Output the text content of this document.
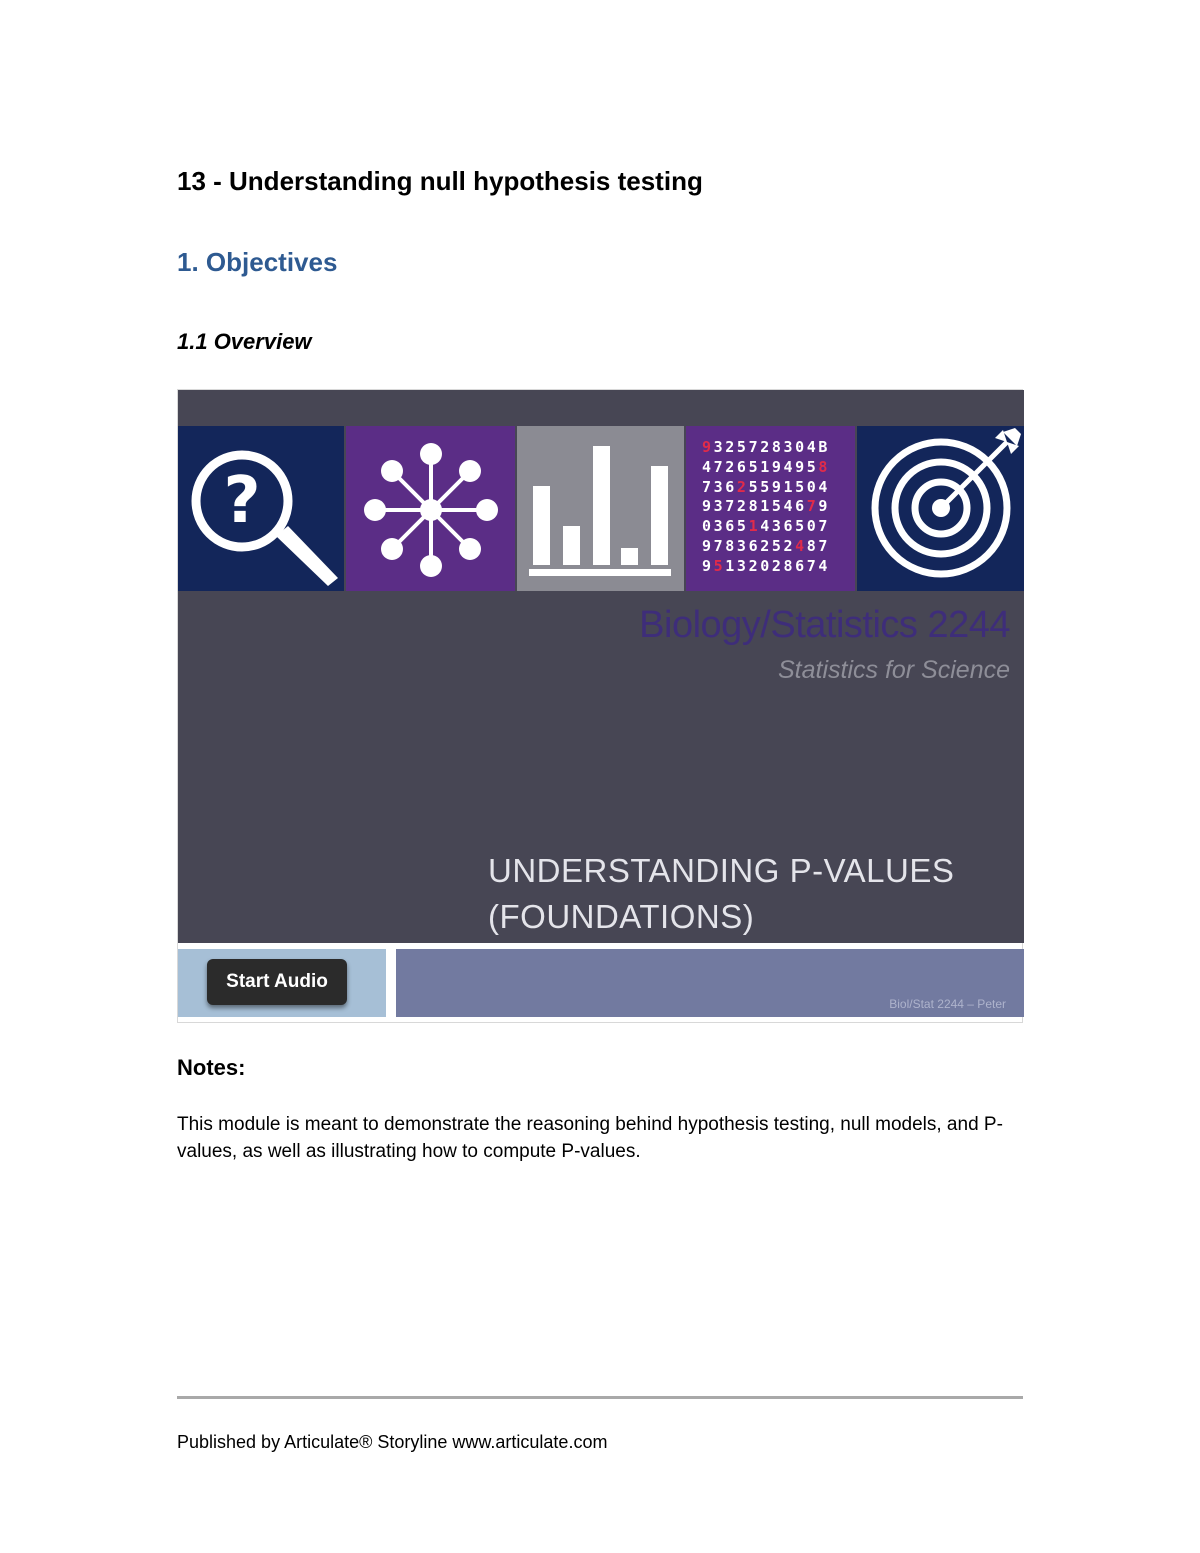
13 - Understanding null hypothesis testing
1. Objectives
1.1 Overview
?
9325728304B
47265194958
73625591504
93728154679
03651436507
97836252487
95132028674
Biology/Statistics 2244
Statistics for Science
UNDERSTANDING P-VALUES
(FOUNDATIONS)
Start Audio
Biol/Stat 2244 – Peter
Notes:

This module is meant to demonstrate the reasoning behind hypothesis testing, null models, and P-values, as well as illustrating how to compute P-values.

Published by Articulate® Storyline www.articulate.com
